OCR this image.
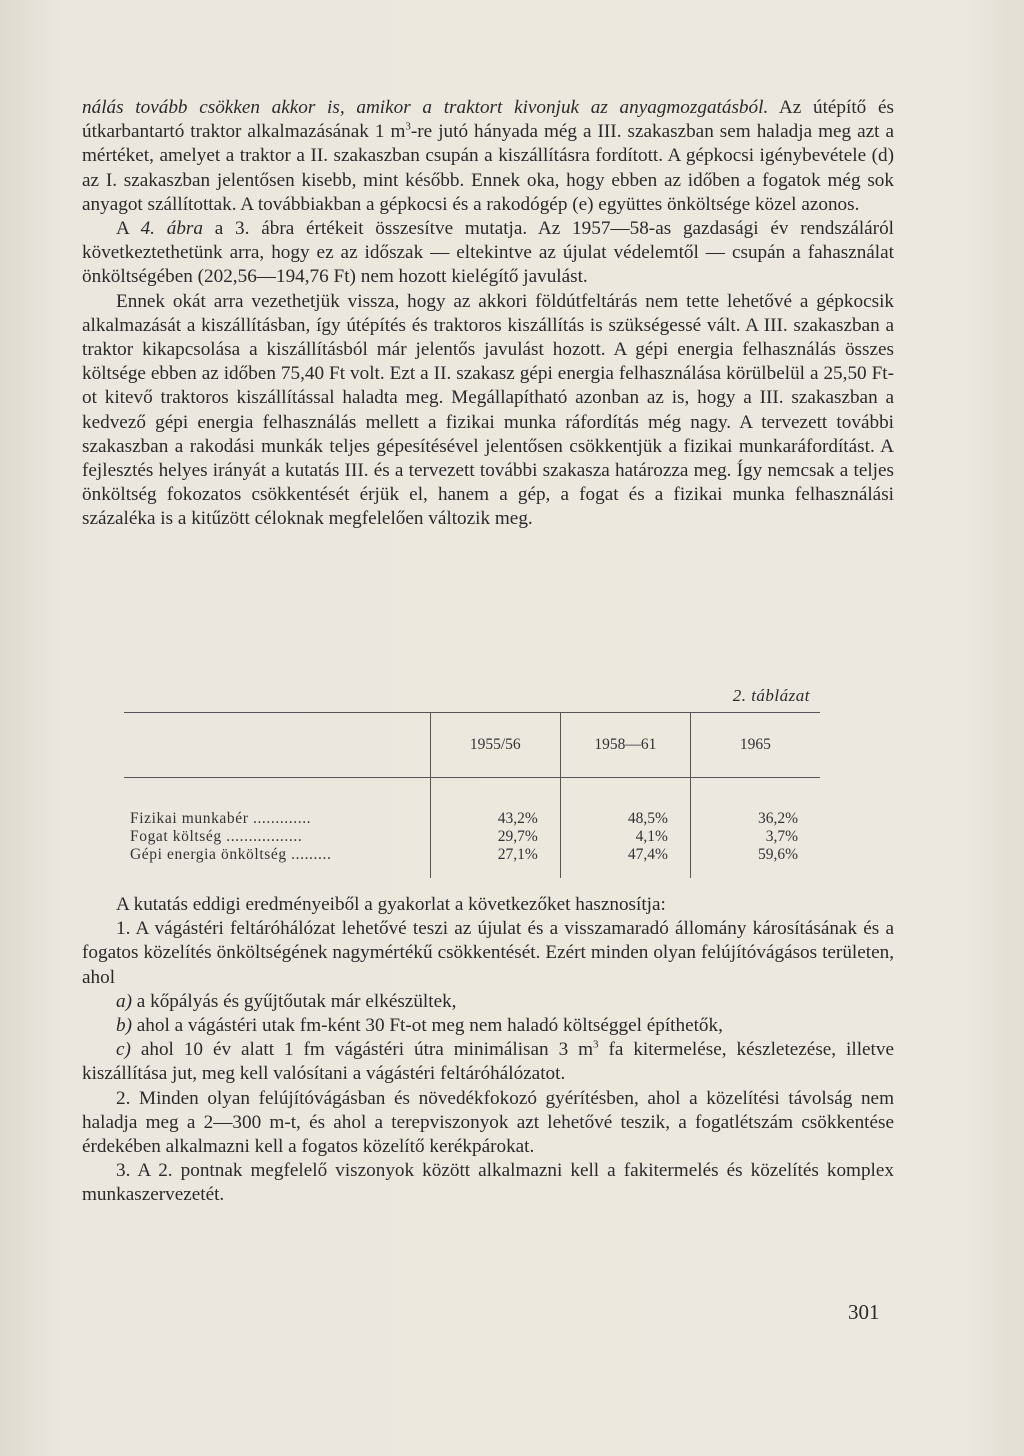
nálás tovább csökken akkor is, amikor a traktort kivonjuk az anyagmozgatásból. Az útépítő és útkarbantartó traktor alkalmazásának 1 $m^3-re$ jutó hányada még a III. szakaszban sem haladja meg azt a mértéket, amelyet a traktor a II. szakaszban csupán a kiszállításra fordított. A gépkocsi igénybevétele (d) az I. szakaszban jelentősen kisebb, mint később. Ennek oka, hogy ebben az időben a fogatok még sok anyagot szállítottak. A továbbiakban a gépkocsi és a rakodógép (e) együttes önköltsége közel azonos.

A 4. ábra a 3. ábra értékeit összesítve mutatja. Az 1957—58-as gazdasági év rendszáláról következtethetünk arra, hogy ez az időszak — eltekintve az újulat védelemtől — csupán a fahasználat önköltségében (202,56—194,76 Ft) nem hozott kielégítő javulást.

Ennek okát arra vezethetjük vissza, hogy az akkori földútfeltárás nem tette lehetővé a gépkocsik alkalmazását a kiszállításban, így útépítés és traktoros kiszállítás is szükségessé vált. A III. szakaszban a traktor kikapcsolása a kiszállításból már jelentős javulást hozott. A gépi energia felhasználás összes költsége ebben az időben 75,40 Ft volt. Ezt a II. szakasz gépi energia felhasználása körülbelül a 25,50 Ft-ot kitevő traktoros kiszállítással haladta meg. Megállapítható azonban az is, hogy a III. szakaszban a kedvező gépi energia felhasználás mellett a fizikai munka ráfordítás még nagy. A tervezett további szakaszban a rakodási munkák teljes gépesítésével jelentősen csökkentjük a fizikai munkaráfordítást. A fejlesztés helyes irányát a kutatás III. és a tervezett további szakasza határozza meg. Így nemcsak a teljes önköltség fokozatos csökkentését érjük el, hanem a gép, a fogat és a fizikai munka felhasználási százaléka is a kitűzött céloknak megfelelően változik meg.

2. táblázat
	1955/56	1958—61	1965
Fizikai munkabér .............	43,2%	48,5%	36,2%
Fogat költség .................	29,7%	4,1%	3,7%
Gépi energia önköltség .........	27,1%	47,4%	59,6%

A kutatás eddigi eredményeiből a gyakorlat a következőket hasznosítja:

1. A vágástéri feltáróhálózat lehetővé teszi az újulat és a visszamaradó állomány károsításának és a fogatos közelítés önköltségének nagymértékű csökkentését. Ezért minden olyan felújítóvágásos területen, ahol

a) a kőpályás és gyűjtőutak már elkészültek,

b) ahol a vágástéri utak fm-ként 30 Ft-ot meg nem haladó költséggel építhetők,

c) ahol 10 év alatt 1 fm vágástéri útra minimálisan 3 $m^3$ fa kitermelése, készletezése, illetve kiszállítása jut, meg kell valósítani a vágástéri feltáróhálózatot.

2. Minden olyan felújítóvágásban és növedékfokozó gyérítésben, ahol a közelítési távolság nem haladja meg a 2—300 m-t, és ahol a terepviszonyok azt lehetővé teszik, a fogatlétszám csökkentése érdekében alkalmazni kell a fogatos közelítő kerékpárokat.

3. A 2. pontnak megfelelő viszonyok között alkalmazni kell a fakitermelés és közelítés komplex munkaszervezetét.

301
